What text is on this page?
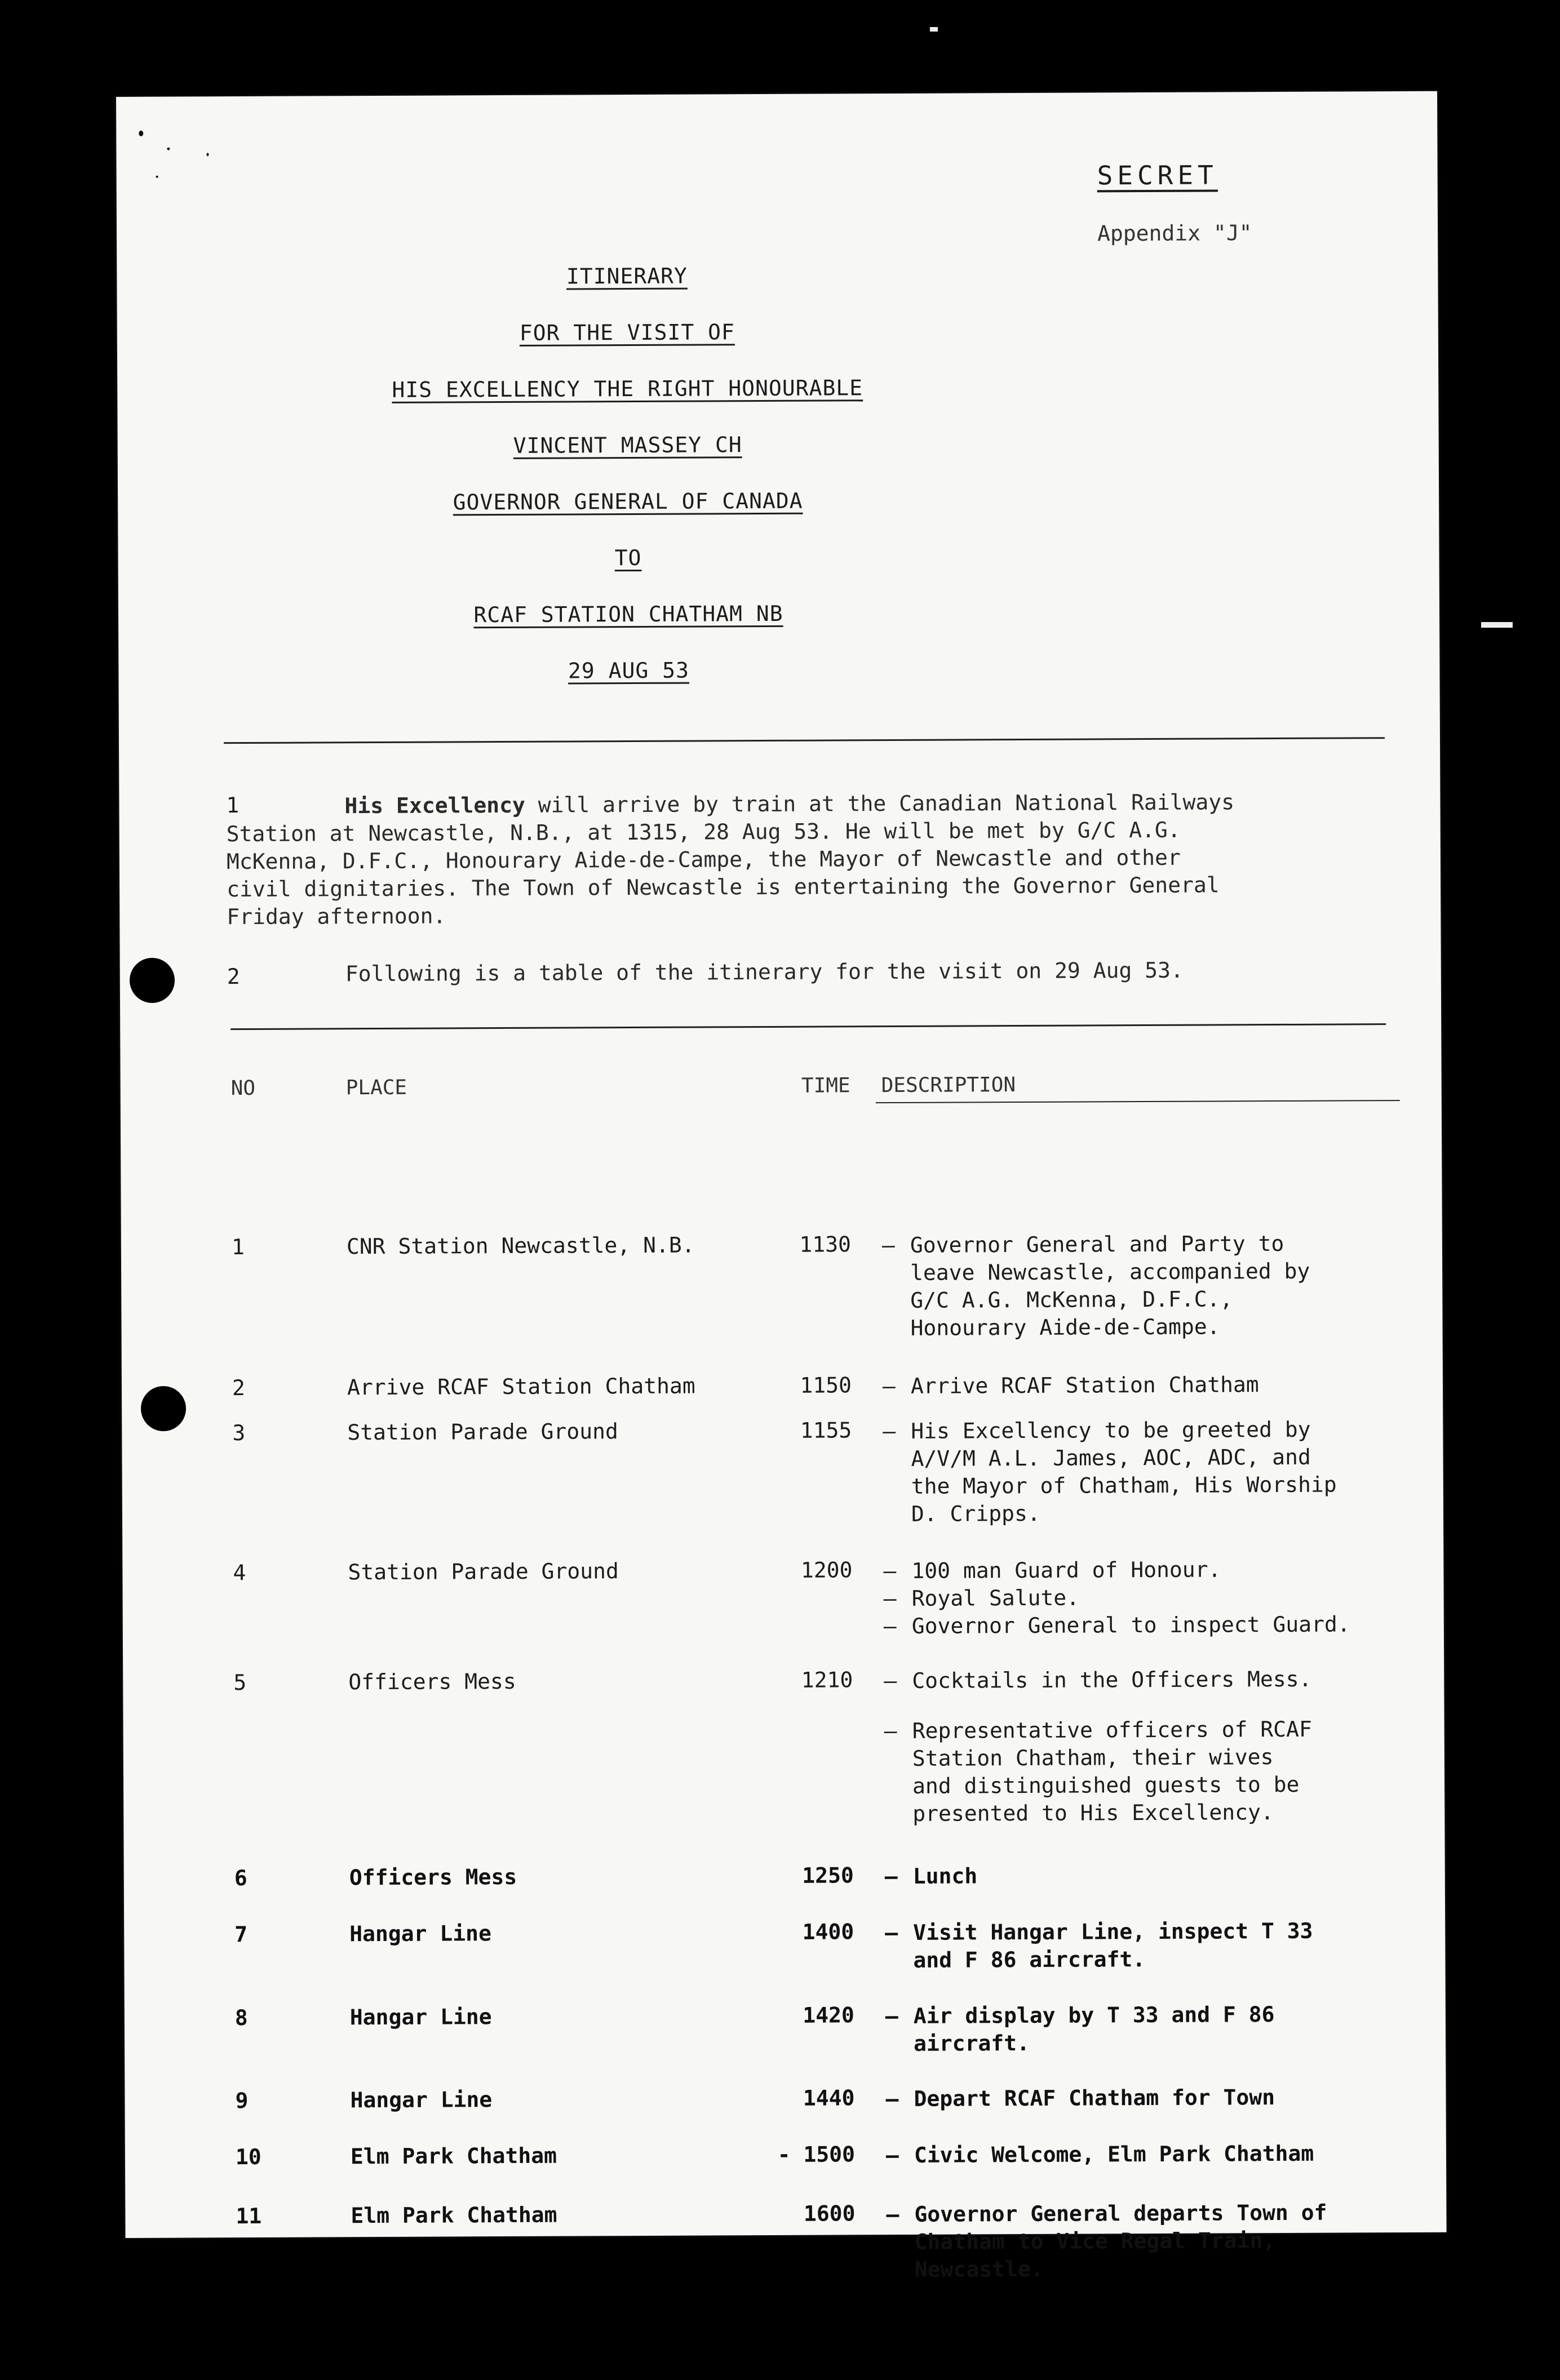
SECRET
Appendix "J"
ITINERARY
FOR THE VISIT OF
HIS EXCELLENCY THE RIGHT HONOURABLE
VINCENT MASSEY CH
GOVERNOR GENERAL OF CANADA
TO
RCAF STATION CHATHAM NB
29 AUG 53
1	His Excellency will arrive by train at the Canadian National Railways
Station at Newcastle, N.B., at 1315, 28 Aug 53. He will be met by G/C A.G.
McKenna, D.F.C., Honourary Aide-de-Campe, the Mayor of Newcastle and other
civil dignitaries. The Town of Newcastle is entertaining the Governor General
Friday afternoon.
2	Following is a table of the itinerary for the visit on 29 Aug 53.
NO	PLACE	TIME DESCRIPTION
1	CNR Station Newcastle, N.B.	1130 – Governor General and Party to
leave Newcastle, accompanied by
G/C A.G. McKenna, D.F.C.,
Honourary Aide-de-Campe.
2	Arrive RCAF Station Chatham	1150 – Arrive RCAF Station Chatham
3	Station Parade Ground	1155 – His Excellency to be greeted by
A/V/M A.L. James, AOC, ADC, and
the Mayor of Chatham, His Worship
D. Cripps.
4	Station Parade Ground	1200 – 100 man Guard of Honour.
– Royal Salute.
– Governor General to inspect Guard.
5	Officers Mess	1210 – Cocktails in the Officers Mess.
– Representative officers of RCAF
Station Chatham, their wives
and distinguished guests to be
presented to His Excellency.
6	Officers Mess	1250 – Lunch
7	Hangar Line	1400 – Visit Hangar Line, inspect T 33
and F 86 aircraft.
8	Hangar Line	1420 – Air display by T 33 and F 86
aircraft.
9	Hangar Line	1440 – Depart RCAF Chatham for Town
10	Elm Park Chatham	- 1500 – Civic Welcome, Elm Park Chatham
11	Elm Park Chatham	1600 – Governor General departs Town of
Chatham to Vice Regal Train,
Newcastle.
